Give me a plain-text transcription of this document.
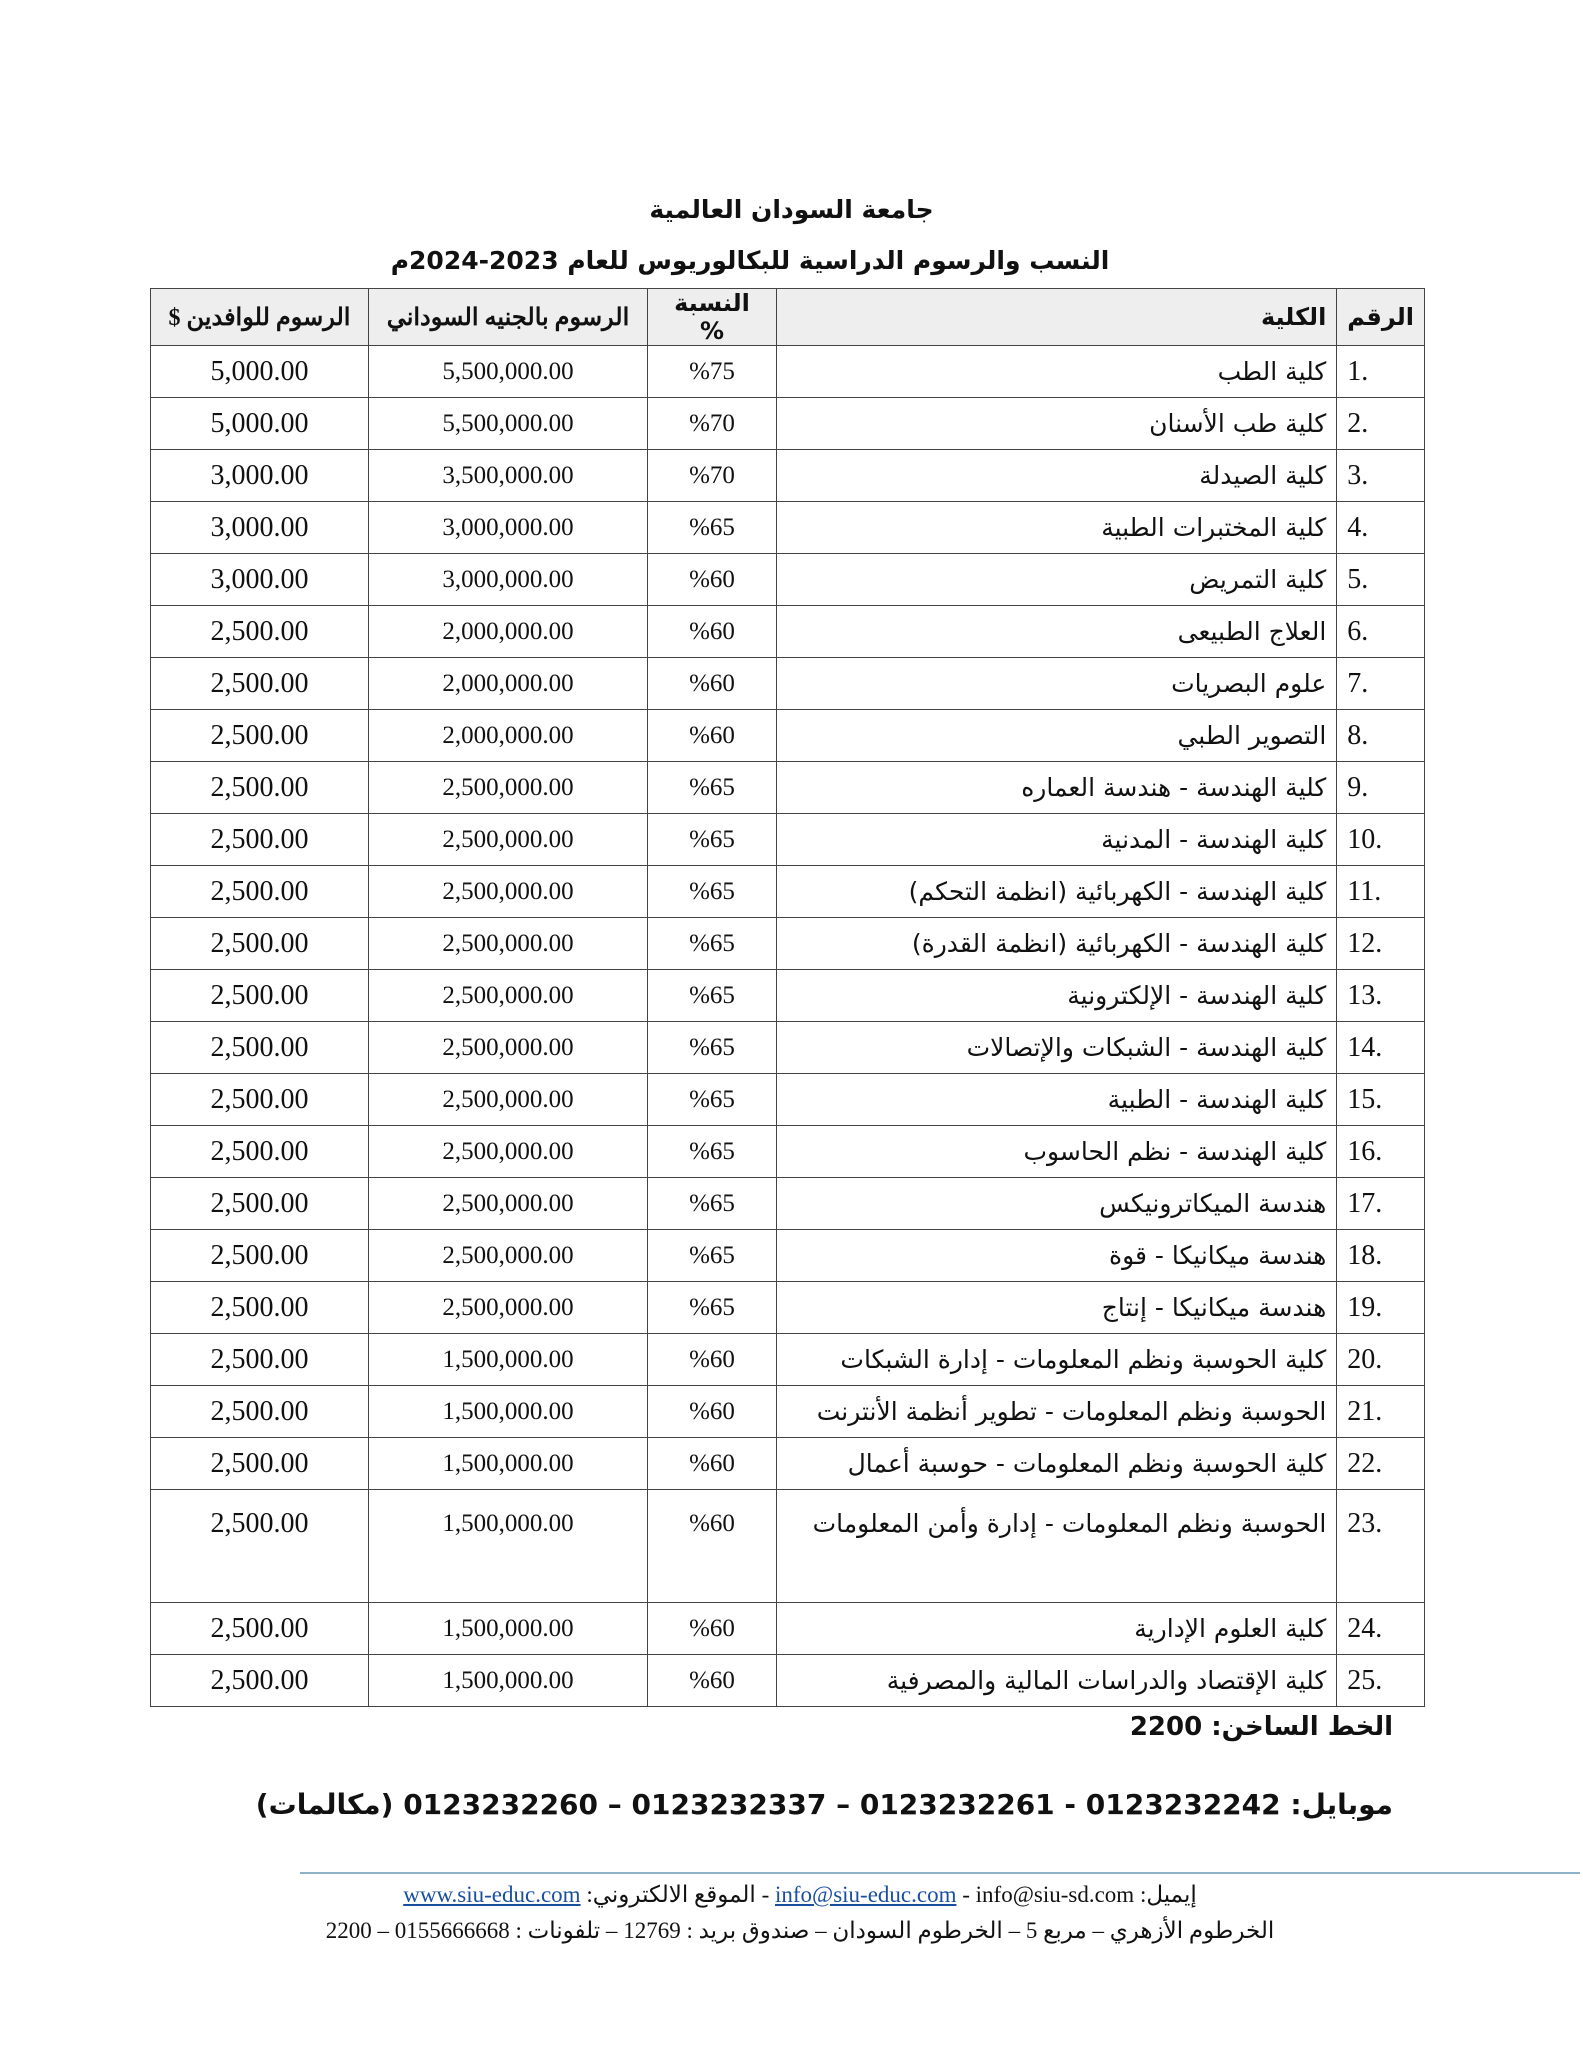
جامعة السودان العالمية
النسب والرسوم الدراسية للبكالوريوس للعام 2023-2024م
الرقم	الكلية	النسبة %	الرسوم بالجنيه السوداني	الرسوم للوافدين $
1.	كلية الطب	%75	5,500,000.00	5,000.00
2.	كلية طب الأسنان	%70	5,500,000.00	5,000.00
3.	كلية الصيدلة	%70	3,500,000.00	3,000.00
4.	كلية المختبرات الطبية	%65	3,000,000.00	3,000.00
5.	كلية التمريض	%60	3,000,000.00	3,000.00
6.	العلاج الطبيعى	%60	2,000,000.00	2,500.00
7.	علوم البصريات	%60	2,000,000.00	2,500.00
8.	التصوير الطبي	%60	2,000,000.00	2,500.00
9.	كلية الهندسة - هندسة العماره	%65	2,500,000.00	2,500.00
10.	كلية الهندسة - المدنية	%65	2,500,000.00	2,500.00
11.	كلية الهندسة - الكهربائية (انظمة التحكم)	%65	2,500,000.00	2,500.00
12.	كلية الهندسة - الكهربائية (انظمة القدرة)	%65	2,500,000.00	2,500.00
13.	كلية الهندسة - الإلكترونية	%65	2,500,000.00	2,500.00
14.	كلية الهندسة - الشبكات والإتصالات	%65	2,500,000.00	2,500.00
15.	كلية الهندسة - الطبية	%65	2,500,000.00	2,500.00
16.	كلية الهندسة - نظم الحاسوب	%65	2,500,000.00	2,500.00
17.	هندسة الميكاترونيكس	%65	2,500,000.00	2,500.00
18.	هندسة ميكانيكا - قوة	%65	2,500,000.00	2,500.00
19.	هندسة ميكانيكا - إنتاج	%65	2,500,000.00	2,500.00
20.	كلية الحوسبة ونظم المعلومات - إدارة الشبكات	%60	1,500,000.00	2,500.00
21.	الحوسبة ونظم المعلومات - تطوير أنظمة الأنترنت	%60	1,500,000.00	2,500.00
22.	كلية الحوسبة ونظم المعلومات - حوسبة أعمال	%60	1,500,000.00	2,500.00
23.	الحوسبة ونظم المعلومات - إدارة وأمن المعلومات	%60	1,500,000.00	2,500.00
24.	كلية العلوم الإدارية	%60	1,500,000.00	2,500.00
25.	كلية الإقتصاد والدراسات المالية والمصرفية	%60	1,500,000.00	2,500.00
الخط الساخن: 2200
موبايل: 0123232242 - 0123232261 – 0123232337 – 0123232260 (مكالمات)
إيميل: info@siu-educ.com - info@siu-sd.com - الموقع الالكتروني: www.siu-educ.com
الخرطوم الأزهري – مربع 5 – الخرطوم السودان – صندوق بريد : 12769 – تلفونات : 0155666668 – 2200
